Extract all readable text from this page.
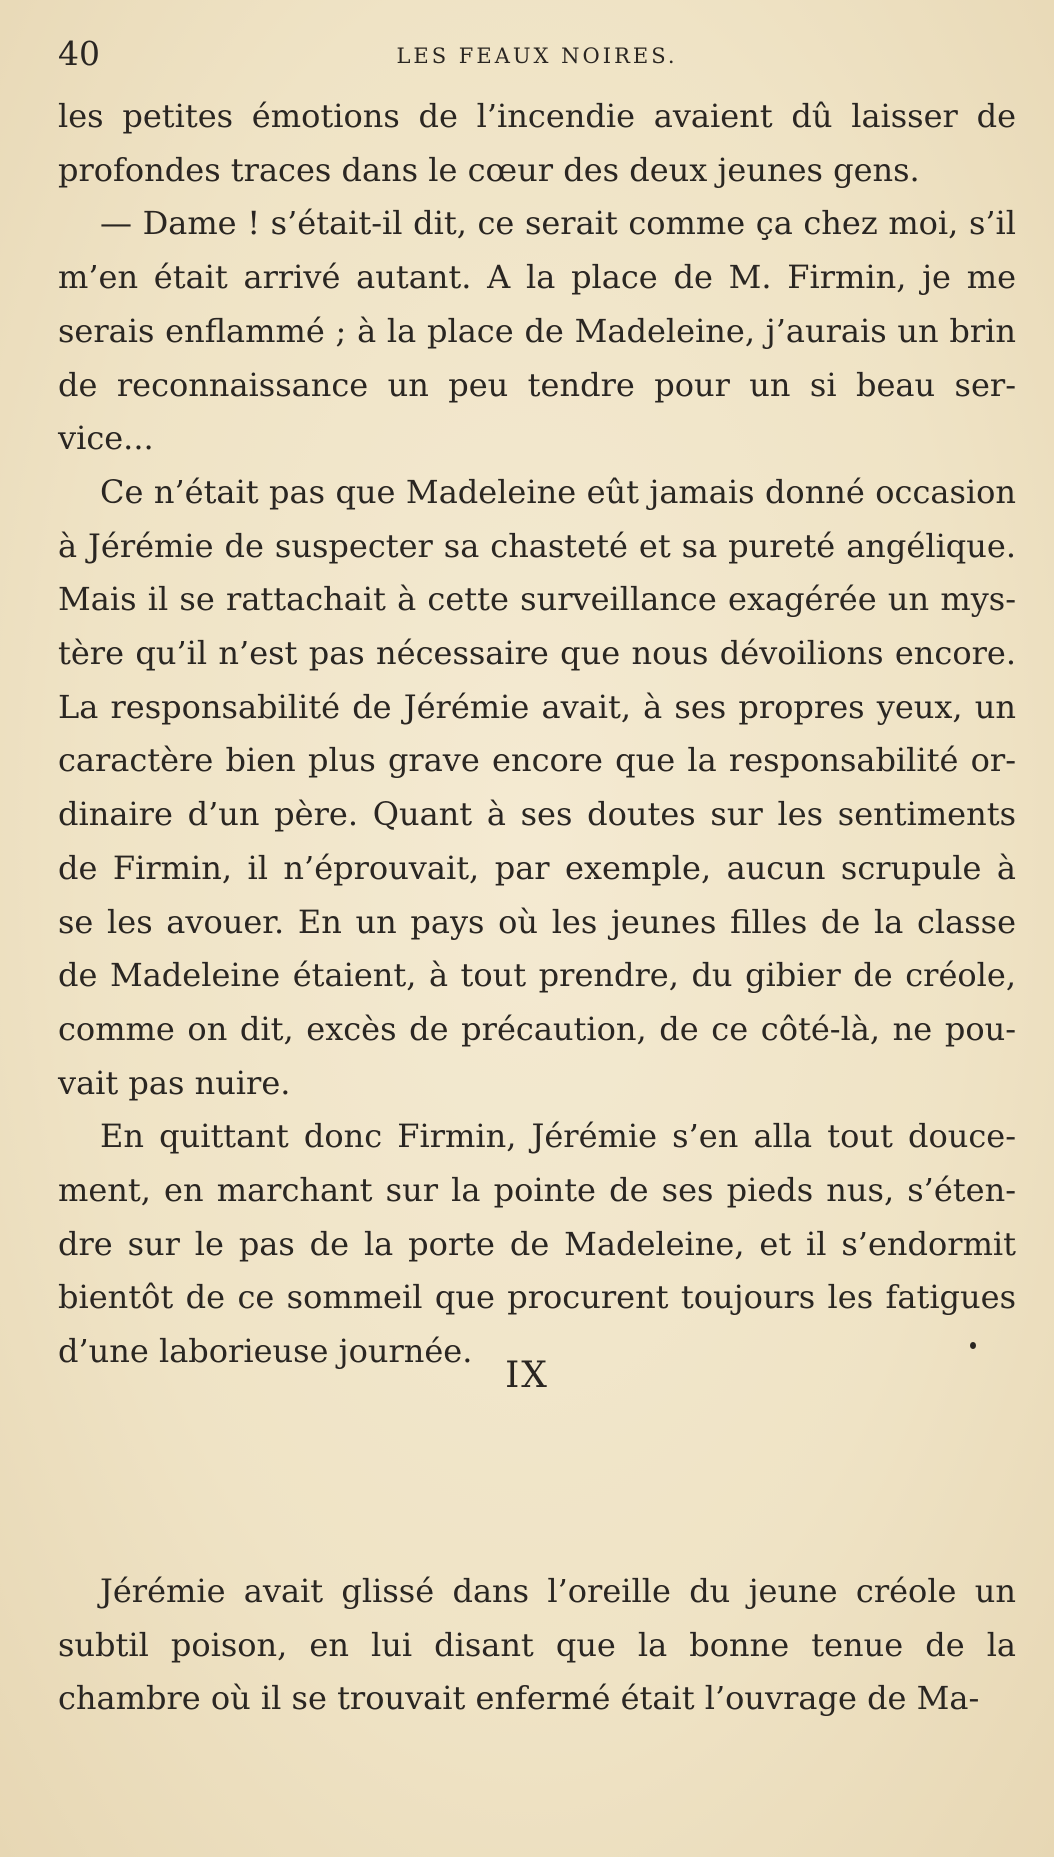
40	LES FEAUX NOIRES.

les petites émotions de l’incendie avaient dû laisser de profondes traces dans le cœur des deux jeunes gens.

— Dame ! s’était-il dit, ce serait comme ça chez moi, s’il m’en était arrivé autant. A la place de M. Firmin, je me serais enflammé ; à la place de Madeleine, j’aurais un brin de reconnaissance un peu tendre pour un si beau ser- vice...

Ce n’était pas que Madeleine eût jamais donné occasion à Jérémie de suspecter sa chasteté et sa pureté angélique. Mais il se rattachait à cette surveillance exagérée un mys- tère qu’il n’est pas nécessaire que nous dévoilions encore. La responsabilité de Jérémie avait, à ses propres yeux, un caractère bien plus grave encore que la responsabilité or- dinaire d’un père. Quant à ses doutes sur les sentiments de Firmin, il n’éprouvait, par exemple, aucun scrupule à se les avouer. En un pays où les jeunes filles de la classe de Madeleine étaient, à tout prendre, du gibier de créole, comme on dit, excès de précaution, de ce côté-là, ne pou- vait pas nuire.

En quittant donc Firmin, Jérémie s’en alla tout douce- ment, en marchant sur la pointe de ses pieds nus, s’éten- dre sur le pas de la porte de Madeleine, et il s’endormit bientôt de ce sommeil que procurent toujours les fatigues d’une laborieuse journée.

IX

Jérémie avait glissé dans l’oreille du jeune créole un subtil poison, en lui disant que la bonne tenue de la chambre où il se trouvait enfermé était l’ouvrage de Ma-
